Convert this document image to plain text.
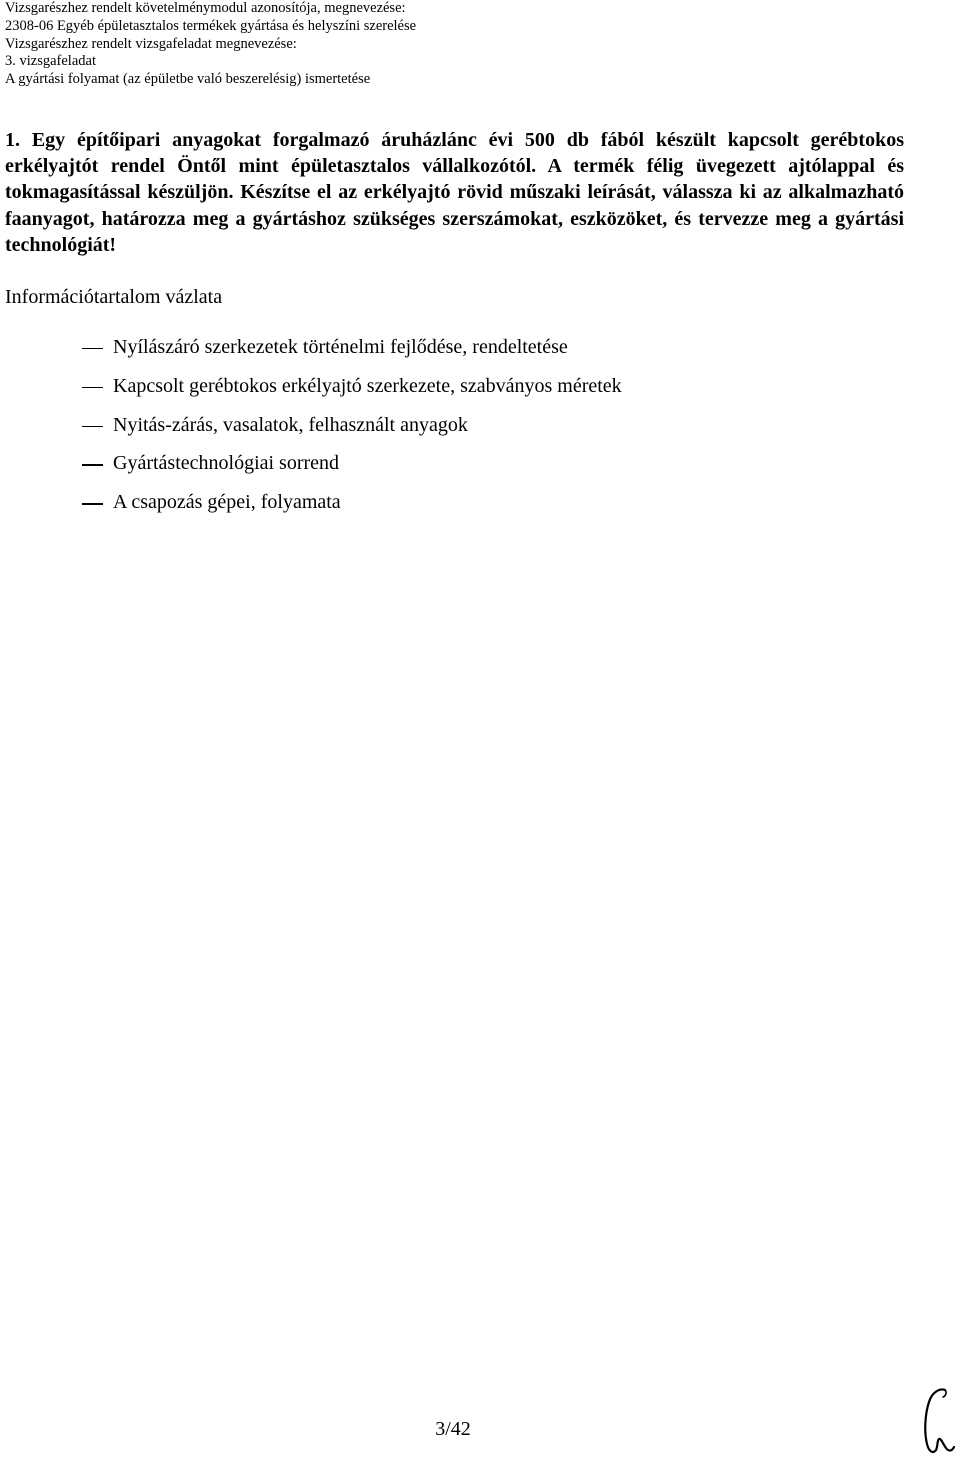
Vizsgarészhez rendelt követelménymodul azonosítója, megnevezése:
2308-06 Egyéb épületasztalos termékek gyártása és helyszíni szerelése
Vizsgarészhez rendelt vizsgafeladat megnevezése:
3. vizsgafeladat
A gyártási folyamat (az épületbe való beszerelésig) ismertetése
1. Egy építőipari anyagokat forgalmazó áruházlánc évi 500 db fából készült kapcsolt gerébtokos erkélyajtót rendel Öntől mint épületasztalos vállalkozótól. A termék félig üvegezett ajtólappal és tokmagasítással készüljön. Készítse el az erkélyajtó rövid műszaki leírását, válassza ki az alkalmazható faanyagot, határozza meg a gyártáshoz szükséges szerszámokat, eszközöket, és tervezze meg a gyártási technológiát!
Információtartalom vázlata
Nyílászáró szerkezetek történelmi fejlődése, rendeltetése
Kapcsolt gerébtokos erkélyajtó szerkezete, szabványos méretek
Nyitás-zárás, vasalatok, felhasznált anyagok
Gyártástechnológiai sorrend
A csapozás gépei, folyamata
3/42
